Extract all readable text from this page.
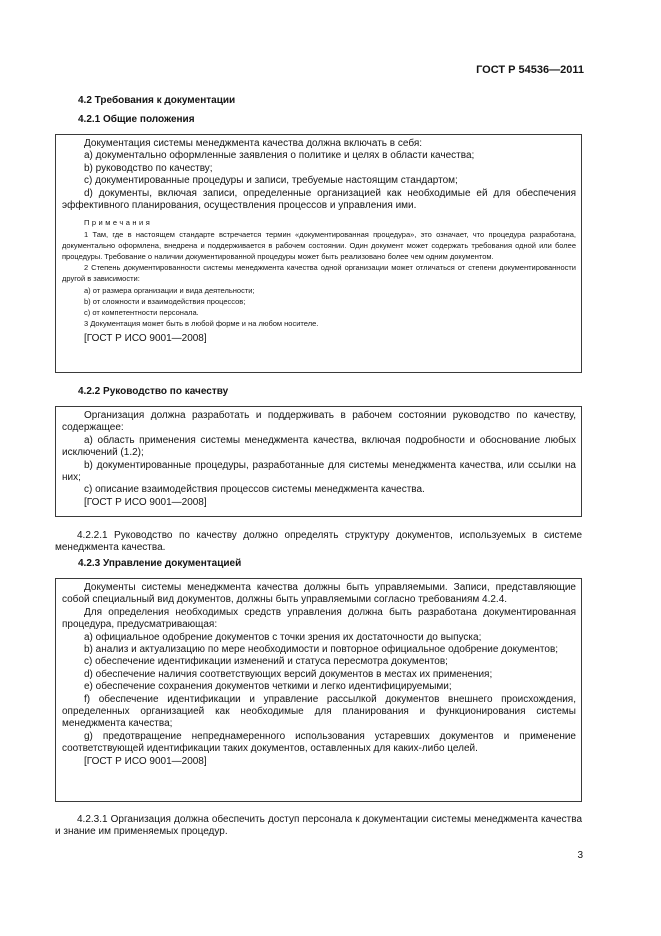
ГОСТ Р 54536—2011
4.2 Требования к документации
4.2.1 Общие положения

Документация системы менеджмента качества должна включать в себя:

a) документально оформленные заявления о политике и целях в области качества;

b) руководство по качеству;

c) документированные процедуры и записи, требуемые настоящим стандартом;

d) документы, включая записи, определенные организацией как необходимые ей для обеспечения эффективного планирования, осуществления процессов и управления ими.

Примечания

1 Там, где в настоящем стандарте встречается термин «документированная процедура», это означает, что процедура разработана, документально оформлена, внедрена и поддерживается в рабочем состоянии. Один документ может содержать требования одной или более процедуры. Требование о наличии документированной процедуры может быть реализовано более чем одним документом.

2 Степень документированности системы менеджмента качества одной организации может отличаться от степени документированности другой в зависимости:

a) от размера организации и вида деятельности;

b) от сложности и взаимодействия процессов;

c) от компетентности персонала.

3 Документация может быть в любой форме и на любом носителе.

[ГОСТ Р ИСО 9001—2008]

4.2.2 Руководство по качеству

Организация должна разработать и поддерживать в рабочем состоянии руководство по качеству, содержащее:

a) область применения системы менеджмента качества, включая подробности и обоснование любых исключений (1.2);

b) документированные процедуры, разработанные для системы менеджмента качества, или ссылки на них;

c) описание взаимодействия процессов системы менеджмента качества.

[ГОСТ Р ИСО 9001—2008]

4.2.2.1 Руководство по качеству должно определять структуру документов, используемых в системе менеджмента качества.

4.2.3 Управление документацией

Документы системы менеджмента качества должны быть управляемыми. Записи, представляющие собой специальный вид документов, должны быть управляемыми согласно требованиям 4.2.4.

Для определения необходимых средств управления должна быть разработана документированная процедура, предусматривающая:

a) официальное одобрение документов с точки зрения их достаточности до выпуска;

b) анализ и актуализацию по мере необходимости и повторное официальное одобрение документов;

c) обеспечение идентификации изменений и статуса пересмотра документов;

d) обеспечение наличия соответствующих версий документов в местах их применения;

e) обеспечение сохранения документов четкими и легко идентифицируемыми;

f) обеспечение идентификации и управление рассылкой документов внешнего происхождения, определенных организацией как необходимые для планирования и функционирования системы менеджмента качества;

g) предотвращение непреднамеренного использования устаревших документов и применение соответствующей идентификации таких документов, оставленных для каких-либо целей.

[ГОСТ Р ИСО 9001—2008]

4.2.3.1 Организация должна обеспечить доступ персонала к документации системы менеджмента качества и знание им применяемых процедур.

3
